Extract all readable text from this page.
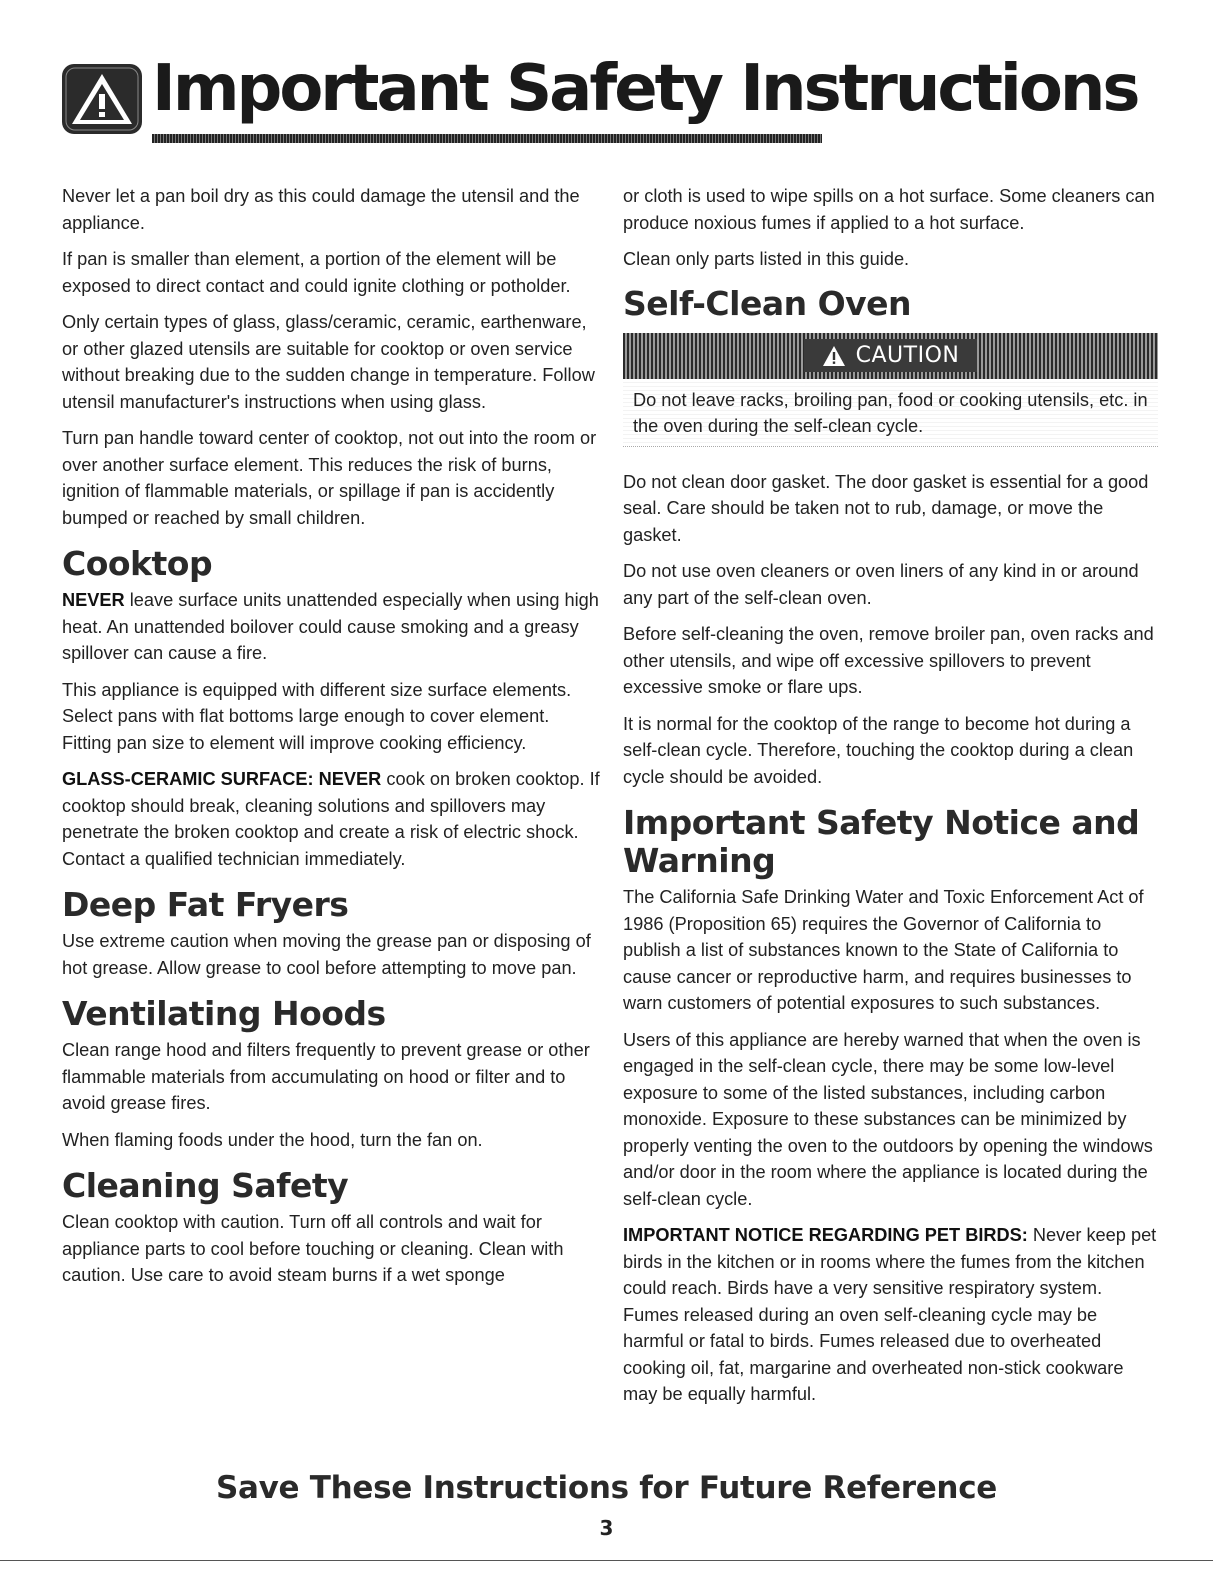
Important Safety Instructions

Never let a pan boil dry as this could damage the utensil and the appliance.

If pan is smaller than element, a portion of the element will be exposed to direct contact and could ignite clothing or potholder.

Only certain types of glass, glass/ceramic, ceramic, earthenware, or other glazed utensils are suitable for cooktop or oven service without breaking due to the sudden change in temperature. Follow utensil manufacturer's instructions when using glass.

Turn pan handle toward center of cooktop, not out into the room or over another surface element. This reduces the risk of burns, ignition of flammable materials, or spillage if pan is accidently bumped or reached by small children.

Cooktop

NEVER leave surface units unattended especially when using high heat. An unattended boilover could cause smoking and a greasy spillover can cause a fire.

This appliance is equipped with different size surface elements. Select pans with flat bottoms large enough to cover element. Fitting pan size to element will improve cooking efficiency.

GLASS-CERAMIC SURFACE: NEVER cook on broken cooktop. If cooktop should break, cleaning solutions and spillovers may penetrate the broken cooktop and create a risk of electric shock. Contact a qualified technician immediately.

Deep Fat Fryers

Use extreme caution when moving the grease pan or disposing of hot grease. Allow grease to cool before attempting to move pan.

Ventilating Hoods

Clean range hood and filters frequently to prevent grease or other flammable materials from accumulating on hood or filter and to avoid grease fires.

When flaming foods under the hood, turn the fan on.

Cleaning Safety

Clean cooktop with caution. Turn off all controls and wait for appliance parts to cool before touching or cleaning. Clean with caution. Use care to avoid steam burns if a wet sponge

or cloth is used to wipe spills on a hot surface. Some cleaners can produce noxious fumes if applied to a hot surface.

Clean only parts listed in this guide.

Self-Clean Oven
CAUTION

Do not leave racks, broiling pan, food or cooking utensils, etc. in the oven during the self-clean cycle.

Do not clean door gasket. The door gasket is essential for a good seal. Care should be taken not to rub, damage, or move the gasket.

Do not use oven cleaners or oven liners of any kind in or around any part of the self-clean oven.

Before self-cleaning the oven, remove broiler pan, oven racks and other utensils, and wipe off excessive spillovers to prevent excessive smoke or flare ups.

It is normal for the cooktop of the range to become hot during a self-clean cycle. Therefore, touching the cooktop during a clean cycle should be avoided.

Important Safety Notice and Warning

The California Safe Drinking Water and Toxic Enforcement Act of 1986 (Proposition 65) requires the Governor of California to publish a list of substances known to the State of California to cause cancer or reproductive harm, and requires businesses to warn customers of potential exposures to such substances.

Users of this appliance are hereby warned that when the oven is engaged in the self-clean cycle, there may be some low-level exposure to some of the listed substances, including carbon monoxide. Exposure to these substances can be minimized by properly venting the oven to the outdoors by opening the windows and/or door in the room where the appliance is located during the self-clean cycle.

IMPORTANT NOTICE REGARDING PET BIRDS: Never keep pet birds in the kitchen or in rooms where the fumes from the kitchen could reach. Birds have a very sensitive respiratory system. Fumes released during an oven self-cleaning cycle may be harmful or fatal to birds. Fumes released due to overheated cooking oil, fat, margarine and overheated non-stick cookware may be equally harmful.

Save These Instructions for Future Reference
3
